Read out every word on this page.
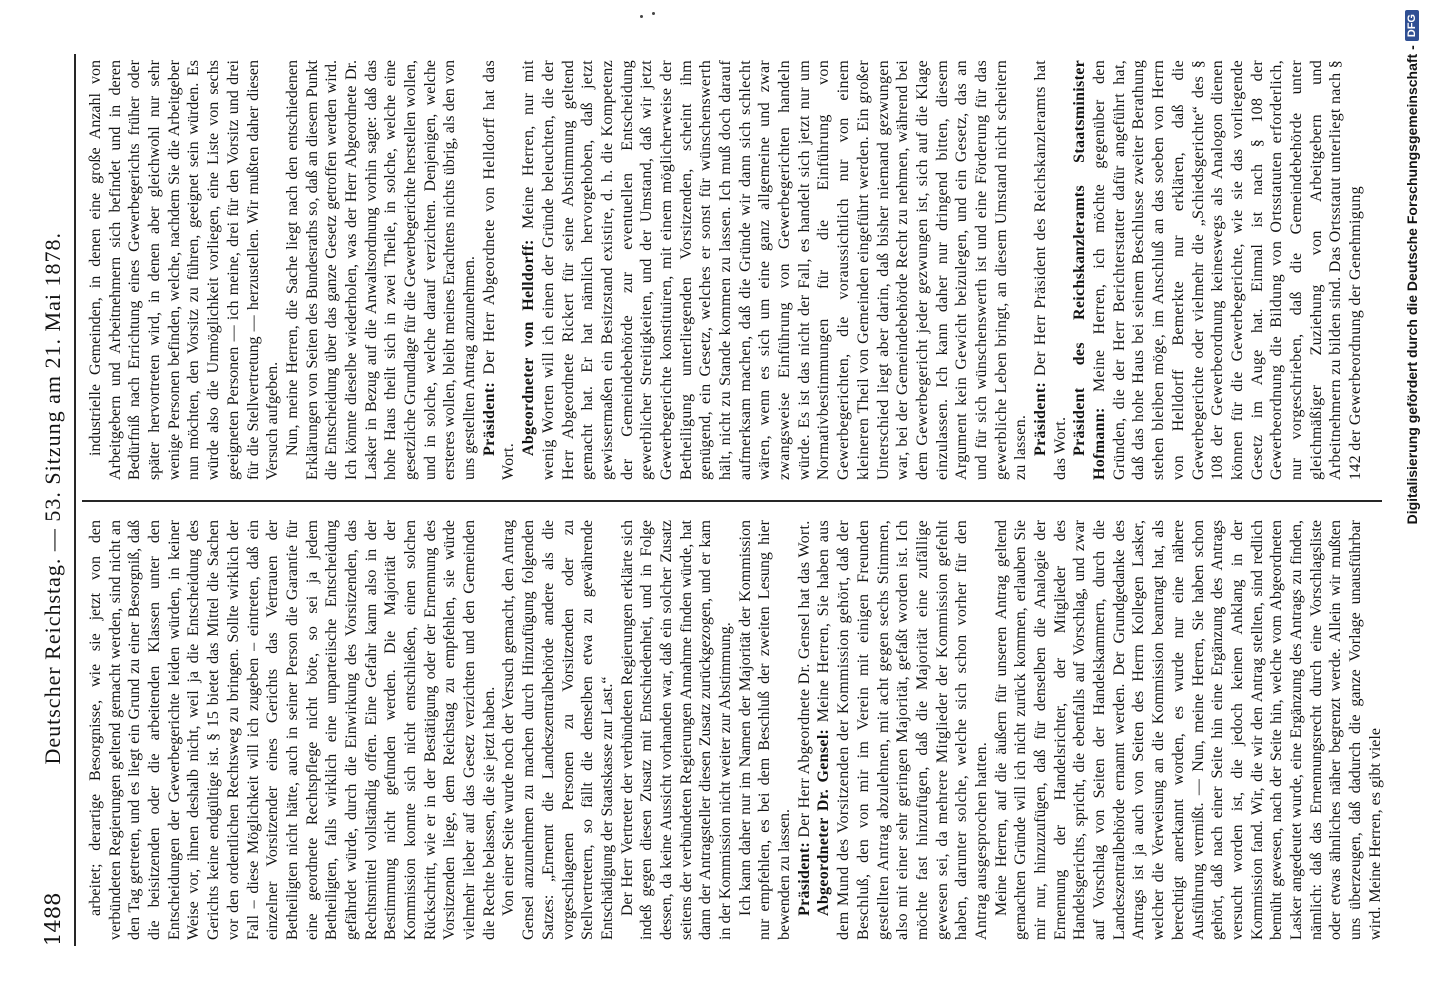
1488
Deutscher Reichstag. — 53. Sitzung am 21. Mai 1878. arbeitet; derartige Besorgnisse, wie sie jetzt von den verbündeten Regierungen geltend gemacht werden, sind nicht an den Tag getreten, und es liegt ein Grund zu einer Besorgniß, daß die beisitzenden oder die arbeitenden Klassen unter den Entscheidungen der Gewerbegerichte leiden würden, in keiner Weise vor, ihnen deshalb nicht, weil ja die Entscheidung des Gerichts keine endgültige ist. § 15 bietet das Mittel die Sachen vor den ordentlichen Rechtsweg zu bringen. Sollte wirklich der Fall – diese Möglichkeit will ich zugeben – eintreten, daß ein einzelner Vorsitzender eines Gerichts das Vertrauen der Betheiligten nicht hätte, auch in seiner Person die Garantie für eine geordnete Rechtspflege nicht böte, so sei ja jedem Betheiligten, falls wirklich eine unparteiische Entscheidung gefährdet würde, durch die Einwirkung des Vorsitzenden, das Rechtsmittel vollständig offen. Eine Gefahr kann also in der Bestimmung nicht gefunden werden. Die Majorität der Kommission konnte sich nicht entschließen, einen solchen Rückschritt, wie er in der Bestätigung oder der Ernennung des Vorsitzenden liege, dem Reichstag zu empfehlen, sie würde vielmehr lieber auf das Gesetz verzichten und den Gemeinden die Rechte belassen, die sie jetzt haben. Von einer Seite wurde noch der Versuch gemacht, den Antrag Gensel anzunehmen zu machen durch Hinzufügung folgenden Satzes: „Ernennt die Landeszentralbehörde andere als die vorgeschlagenen Personen zu Vorsitzenden oder zu Stellvertretern, so fällt die denselben etwa zu gewährende Entschädigung der Staatskasse zur Last.“ Der Herr Vertreter der verbündeten Regierungen erklärte sich indeß gegen diesen Zusatz mit Entschiedenheit, und in Folge dessen, da keine Aussicht vorhanden war, daß ein solcher Zusatz seitens der verbündeten Regierungen Annahme finden würde, hat dann der Antragsteller diesen Zusatz zurückgezogen, und er kam in der Kommission nicht weiter zur Abstimmung. Ich kann daher nur im Namen der Majorität der Kommission nur empfehlen, es bei dem Beschluß der zweiten Lesung hier bewenden zu lassen. Präsident: Der Herr Abgeordnete Dr. Gensel hat das Wort. Abgeordneter Dr. Gensel: Meine Herren, Sie haben aus dem Mund des Vorsitzenden der Kommission gehört, daß der Beschluß, den von mir im Verein mit einigen Freunden gestellten Antrag abzulehnen, mit acht gegen sechs Stimmen, also mit einer sehr geringen Majorität, gefaßt worden ist. Ich möchte fast hinzufügen, daß die Majorität eine zufällige gewesen sei, da mehrere Mitglieder der Kommission gefehlt haben, darunter solche, welche sich schon vorher für den Antrag ausgesprochen hatten. Meine Herren, auf die äußern für unseren Antrag geltend gemachten Gründe will ich nicht zurück kommen, erlauben Sie mir nur, hinzuzufügen, daß für denselben die Analogie der Ernennung der Handelsrichter, der Mitglieder des Handelsgerichts, spricht, die ebenfalls auf Vorschlag, und zwar auf Vorschlag von Seiten der Handelskammern, durch die Landeszentralbehörde ernannt werden. Der Grundgedanke des Antrags ist ja auch von Seiten des Herrn Kollegen Lasker, welcher die Verweisung an die Kommission beantragt hat, als berechtigt anerkannt worden, es wurde nur eine nähere Ausführung vermißt. — Nun, meine Herren, Sie haben schon gehört, daß nach einer Seite hin eine Ergänzung des Antrags versucht worden ist, die jedoch keinen Anklang in der Kommission fand. Wir, die wir den Antrag stellten, sind redlich bemüht gewesen, nach der Seite hin, welche vom Abgeordneten Lasker angedeutet wurde, eine Ergänzung des Antrags zu finden, nämlich: daß das Ernennungsrecht durch eine Vorschlagsliste oder etwas ähnliches näher begrenzt werde. Allein wir mußten uns überzeugen, daß dadurch die ganze Vorlage unausführbar wird. Meine Herren, es gibt viele

industrielle Gemeinden, in denen eine große Anzahl von Arbeitgebern und Arbeitnehmern sich befindet und in deren Bedürfniß nach Errichtung eines Gewerbegerichts früher oder später hervortreten wird, in denen aber gleichwohl nur sehr wenige Personen befinden, welche, nachdem Sie die Arbeitgeber nun möchten, den Vorsitz zu führen, geeignet sein würden. Es würde also die Unmöglichkeit vorliegen, eine Liste von sechs geeigneten Personen — ich meine, drei für den Vorsitz und drei für die Stellvertretung — herzustellen. Wir mußten daher diesen Versuch aufgeben. Nun, meine Herren, die Sache liegt nach den entschiedenen Erklärungen von Seiten des Bundesraths so, daß an diesem Punkt die Entscheidung über das ganze Gesetz getroffen werden wird. Ich könnte dieselbe wiederholen, was der Herr Abgeordnete Dr. Lasker in Bezug auf die Anwaltsordnung vorhin sagte: daß das hohe Haus theilt sich in zwei Theile, in solche, welche eine gesetzliche Grundlage für die Gewerbegerichte herstellen wollen, und in solche, welche darauf verzichten. Denjenigen, welche ersteres wollen, bleibt meines Erachtens nichts übrig, als den von uns gestellten Antrag anzunehmen. Präsident: Der Herr Abgeordnete von Helldorff hat das Wort.

Abgeordneter von Helldorff: Meine Herren, nur mit wenig Worten will ich einen der Gründe beleuchten, die der Herr Abgeordnete Rickert für seine Abstimmung geltend gemacht hat. Er hat nämlich hervorgehoben, daß jetzt gewissermaßen ein Besitzstand existire, d. h. die Kompetenz der Gemeindebehörde zur eventuellen Entscheidung gewerblicher Streitigkeiten, und der Umstand, daß wir jetzt Gewerbegerichte konstituiren, mit einem möglicherweise der Betheiligung unterliegenden Vorsitzenden, scheint ihm genügend, ein Gesetz, welches er sonst für wünschenswerth hält, nicht zu Stande kommen zu lassen. Ich muß doch darauf aufmerksam machen, daß die Gründe wir dann sich schlecht wären, wenn es sich um eine ganz allgemeine und zwar zwangsweise Einführung von Gewerbegerichten handeln würde. Es ist das nicht der Fall, es handelt sich jetzt nur um Normativbestimmungen für die Einführung von Gewerbegerichten, die voraussichtlich nur von einem kleineren Theil von Gemeinden eingeführt werden. Ein großer Unterschied liegt aber darin, daß bisher niemand gezwungen war, bei der Gemeindebehörde Recht zu nehmen, während bei dem Gewerbegericht jeder gezwungen ist, sich auf die Klage einzulassen. Ich kann daher nur dringend bitten, diesem Argument kein Gewicht beizulegen, und ein Gesetz, das an und für sich wünschenswerth ist und eine Förderung für das gewerbliche Leben bringt, an diesem Umstand nicht scheitern zu lassen. Präsident: Der Herr Präsident des Reichskanzleramts hat das Wort. Präsident des Reichskanzleramts Staatsminister Hofmann: Meine Herren, ich möchte gegenüber den Gründen, die der Herr Berichterstatter dafür angeführt hat, daß das hohe Haus bei seinem Beschlusse zweiter Berathung stehen bleiben möge, im Anschluß an das soeben von Herrn von Helldorff Bemerkte nur erklären, daß die Gewerbegerichte oder vielmehr die „Schiedsgerichte“ des § 108 der Gewerbeordnung keineswegs als Analogon dienen können für die Gewerbegerichte, wie sie das vorliegende Gesetz im Auge hat. Einmal ist nach § 108 der Gewerbeordnung die Bildung von Ortsstatuten erforderlich, nur vorgeschrieben, daß die Gemeindebehörde unter gleichmäßiger Zuziehung von Arbeitgebern und Arbeitnehmern zu bilden sind. Das Ortsstatut unterliegt nach § 142 der Gewerbeordnung der Genehmigung	Digitalisierung gefördert durch die Deutsche Forschungsgemeinschaft -
DFG
